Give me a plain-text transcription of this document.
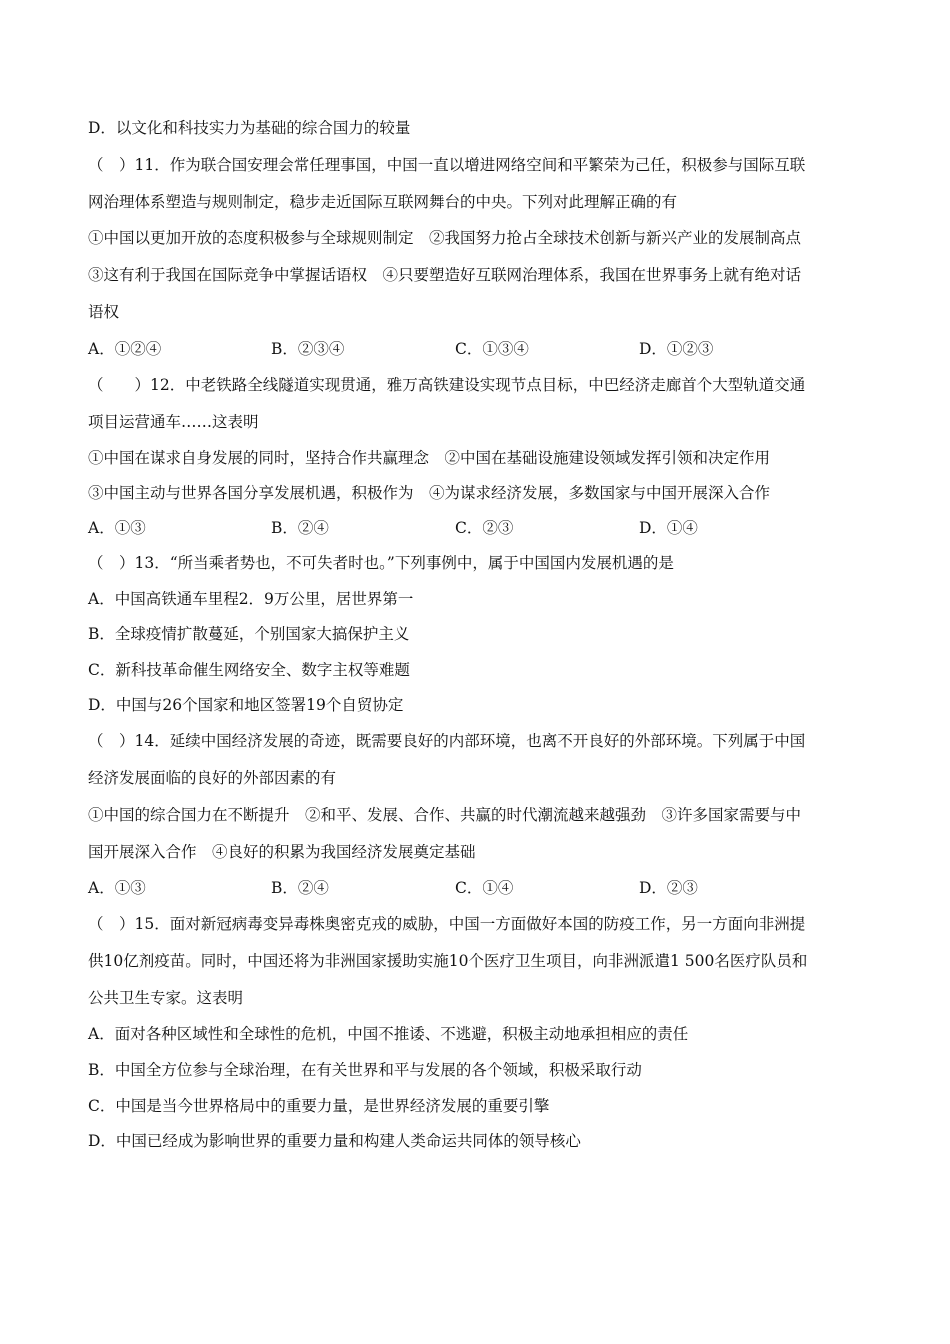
D．以文化和科技实力为基础的综合国力的较量
（　）11．作为联合国安理会常任理事国，中国一直以增进网络空间和平繁荣为己任，积极参与国际互联
网治理体系塑造与规则制定，稳步走近国际互联网舞台的中央。下列对此理解正确的有
①中国以更加开放的态度积极参与全球规则制定　②我国努力抢占全球技术创新与新兴产业的发展制高点
③这有利于我国在国际竞争中掌握话语权　④只要塑造好互联网治理体系，我国在世界事务上就有绝对话
语权
A．①②④	B．②③④	C．①③④	D．①②③
（　　）12．中老铁路全线隧道实现贯通，雅万高铁建设实现节点目标，中巴经济走廊首个大型轨道交通
项目运营通车……这表明
①中国在谋求自身发展的同时，坚持合作共赢理念　②中国在基础设施建设领域发挥引领和决定作用
③中国主动与世界各国分享发展机遇，积极作为　④为谋求经济发展，多数国家与中国开展深入合作
A．①③	B．②④	C．②③	D．①④
（　）13．“所当乘者势也，不可失者时也。”下列事例中，属于中国国内发展机遇的是
A．中国高铁通车里程2．9万公里，居世界第一
B．全球疫情扩散蔓延，个别国家大搞保护主义
C．新科技革命催生网络安全、数字主权等难题
D．中国与26个国家和地区签署19个自贸协定
（　）14．延续中国经济发展的奇迹，既需要良好的内部环境，也离不开良好的外部环境。下列属于中国
经济发展面临的良好的外部因素的有
①中国的综合国力在不断提升　②和平、发展、合作、共赢的时代潮流越来越强劲　③许多国家需要与中
国开展深入合作　④良好的积累为我国经济发展奠定基础
A．①③	B．②④	C．①④	D．②③
（　）15．面对新冠病毒变异毒株奥密克戎的威胁，中国一方面做好本国的防疫工作，另一方面向非洲提
供10亿剂疫苗。同时，中国还将为非洲国家援助实施10个医疗卫生项目，向非洲派遣1 500名医疗队员和
公共卫生专家。这表明
A．面对各种区域性和全球性的危机，中国不推诿、不逃避，积极主动地承担相应的责任
B．中国全方位参与全球治理，在有关世界和平与发展的各个领域，积极采取行动
C．中国是当今世界格局中的重要力量，是世界经济发展的重要引擎
D．中国已经成为影响世界的重要力量和构建人类命运共同体的领导核心
